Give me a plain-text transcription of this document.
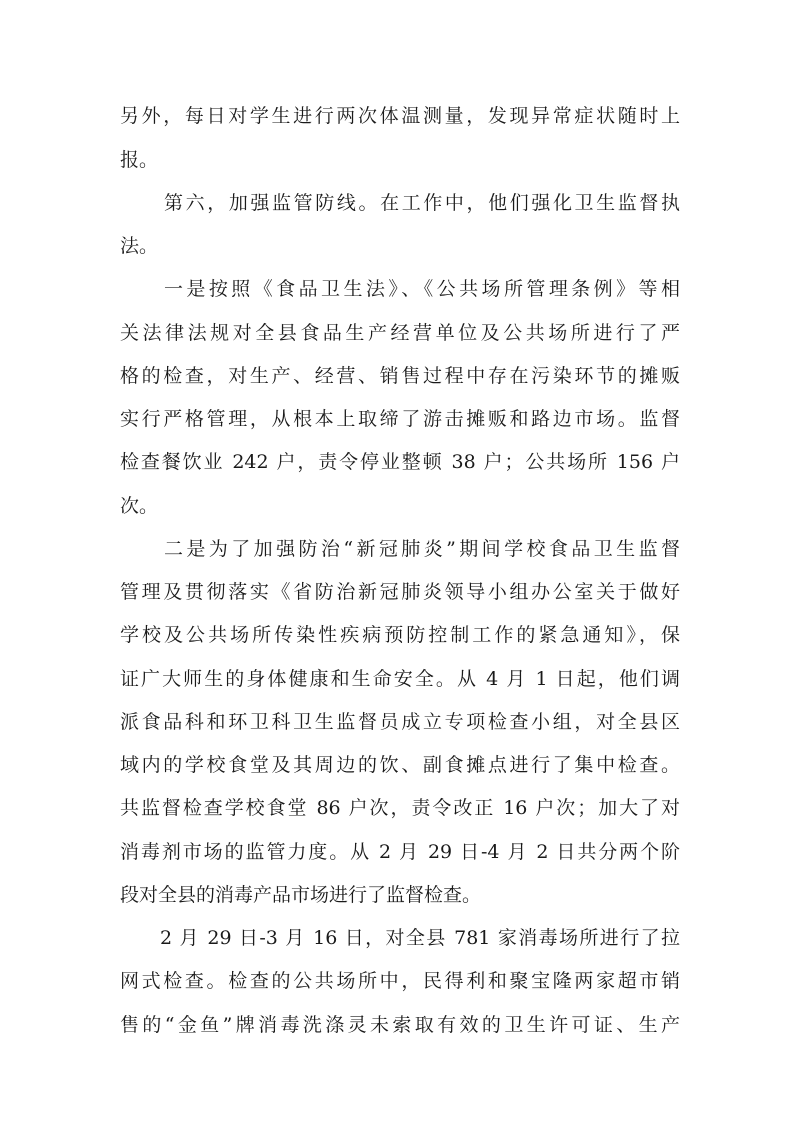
另外，每日对学生进行两次体温测量，发现异常症状随时上
报。
第六，加强监管防线。在工作中，他们强化卫生监督执
法。
一是按照《食品卫生法》、《公共场所管理条例》等相
关法律法规对全县食品生产经营单位及公共场所进行了严
格的检查，对生产、经营、销售过程中存在污染环节的摊贩
实行严格管理，从根本上取缔了游击摊贩和路边市场。监督
检查餐饮业 242 户，责令停业整顿 38 户；公共场所 156 户
次。
二是为了加强防治“新冠肺炎”期间学校食品卫生监督
管理及贯彻落实《省防治新冠肺炎领导小组办公室关于做好
学校及公共场所传染性疾病预防控制工作的紧急通知》，保
证广大师生的身体健康和生命安全。从 4 月 1 日起，他们调
派食品科和环卫科卫生监督员成立专项检查小组，对全县区
域内的学校食堂及其周边的饮、副食摊点进行了集中检查。
共监督检查学校食堂 86 户次，责令改正 16 户次；加大了对
消毒剂市场的监管力度。从 2 月 29 日-4 月 2 日共分两个阶
段对全县的消毒产品市场进行了监督检查。
2 月 29 日-3 月 16 日，对全县 781 家消毒场所进行了拉
网式检查。检查的公共场所中，民得利和聚宝隆两家超市销
售的“金鱼”牌消毒洗涤灵未索取有效的卫生许可证、生产
